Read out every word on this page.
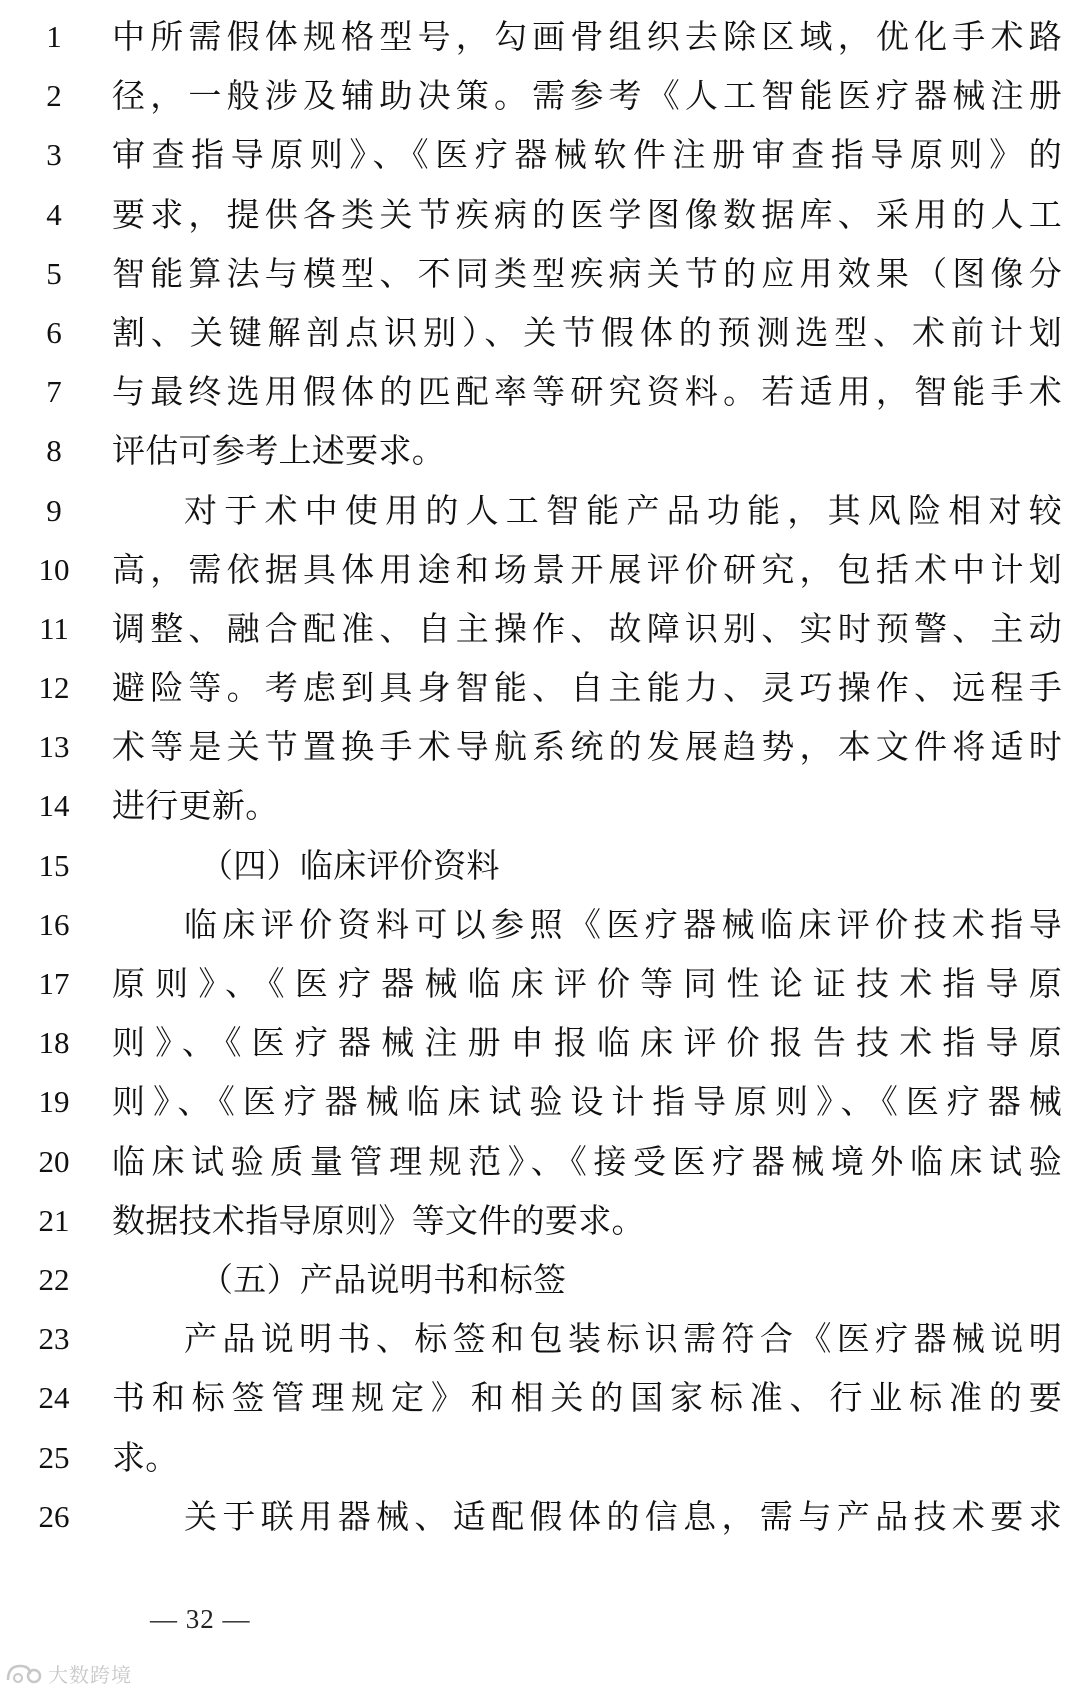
1	中所需假体规格型号，勾画骨组织去除区域，优化手术路
2	径，一般涉及辅助决策。需参考《人工智能医疗器械注册
3	审查指导原则》、《医疗器械软件注册审查指导原则》的
4	要求，提供各类关节疾病的医学图像数据库、采用的人工
5	智能算法与模型、不同类型疾病关节的应用效果（图像分
6	割、关键解剖点识别）、关节假体的预测选型、术前计划
7	与最终选用假体的匹配率等研究资料。若适用，智能手术
8	评估可参考上述要求。
9	对于术中使用的人工智能产品功能，其风险相对较
10	高，需依据具体用途和场景开展评价研究，包括术中计划
11	调整、融合配准、自主操作、故障识别、实时预警、主动
12	避险等。考虑到具身智能、自主能力、灵巧操作、远程手
13	术等是关节置换手术导航系统的发展趋势，本文件将适时
14	进行更新。
15	（四）临床评价资料
16	临床评价资料可以参照《医疗器械临床评价技术指导
17	原则》、《医疗器械临床评价等同性论证技术指导原
18	则》、《医疗器械注册申报临床评价报告技术指导原
19	则》、《医疗器械临床试验设计指导原则》、《医疗器械
20	临床试验质量管理规范》、《接受医疗器械境外临床试验
21	数据技术指导原则》等文件的要求。
22	（五）产品说明书和标签
23	产品说明书、标签和包装标识需符合《医疗器械说明
24	书和标签管理规定》和相关的国家标准、行业标准的要
25	求。
26	关于联用器械、适配假体的信息，需与产品技术要求
— 32 —
大数跨境
